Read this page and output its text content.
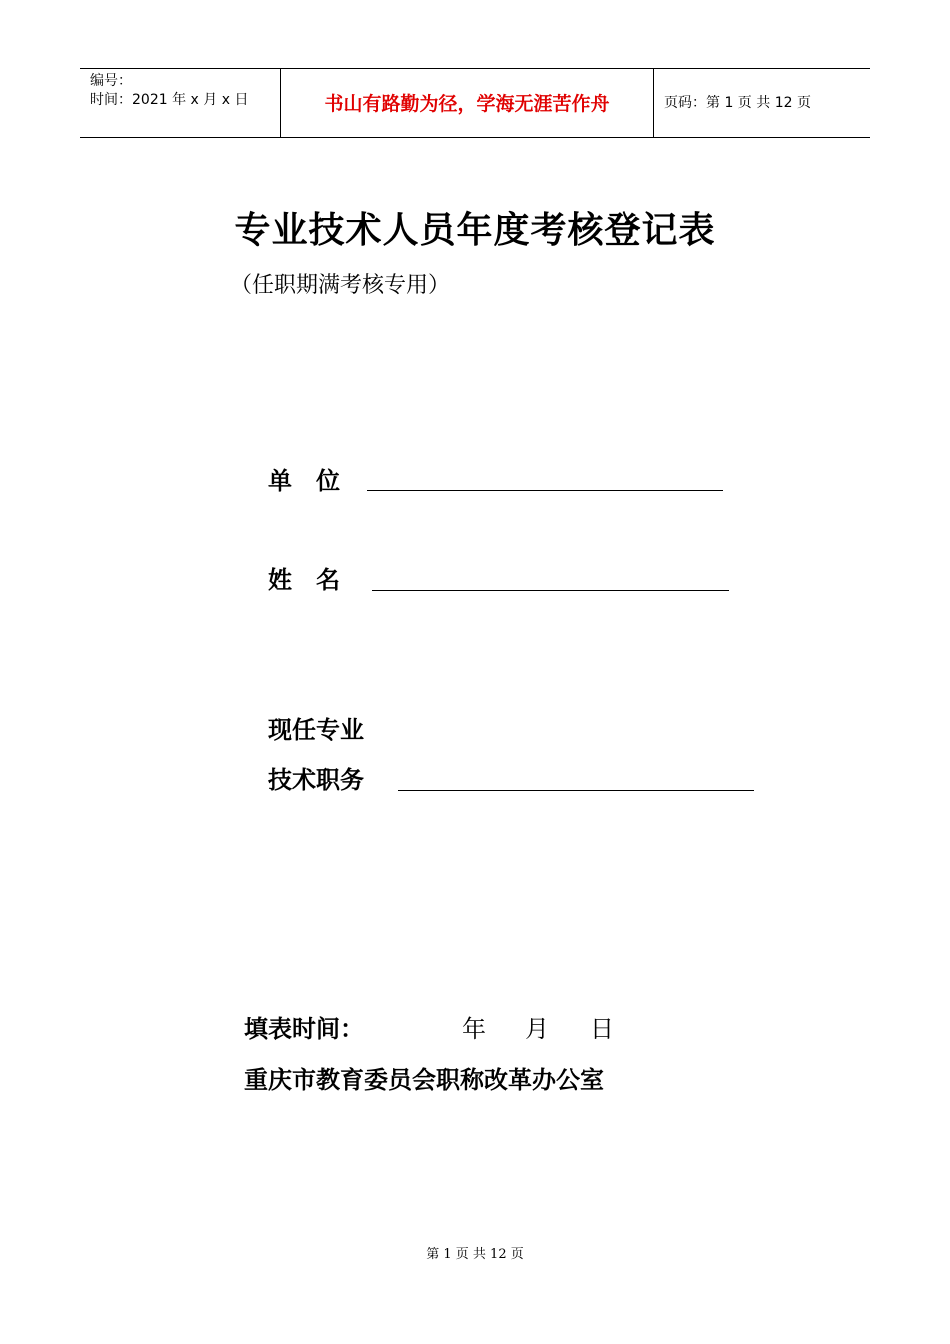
编号：
时间：2021 年 x 月 x 日	书山有路勤为径，学海无涯苦作舟	页码：第 1 页 共 12 页
专业技术人员年度考核登记表
（任职期满考核专用）
单　位
姓　名
现任专业
技术职务
填表时间：	年 月 日
重庆市教育委员会职称改革办公室
第 1 页 共 12 页
